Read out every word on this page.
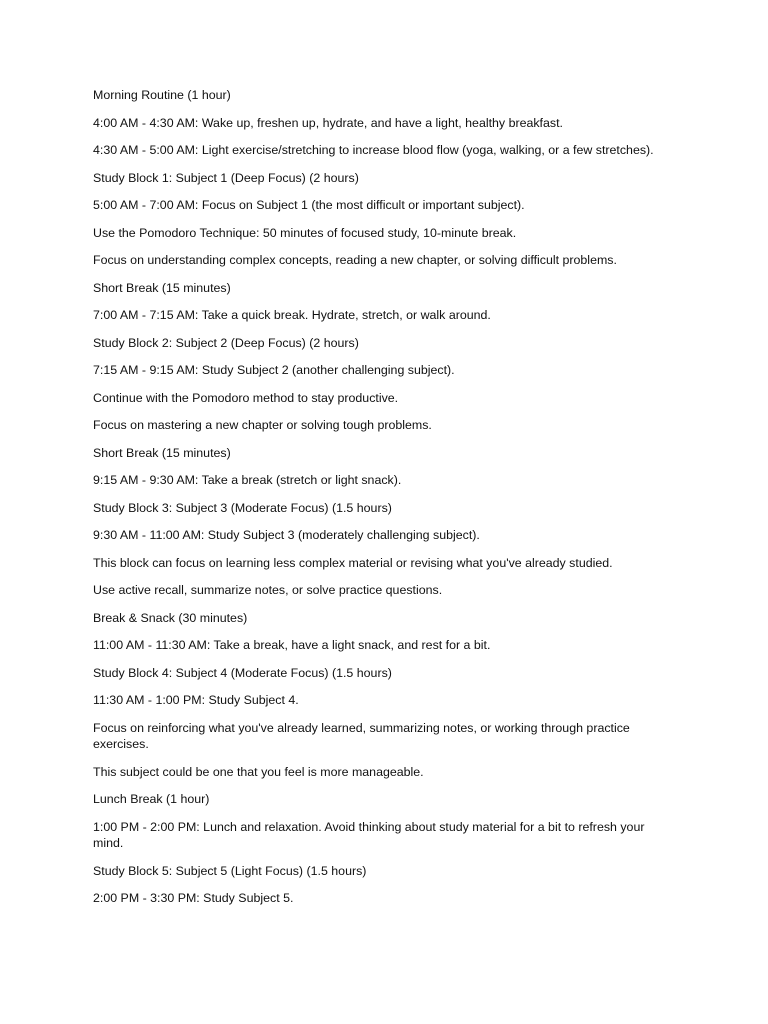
Morning Routine (1 hour)

4:00 AM - 4:30 AM: Wake up, freshen up, hydrate, and have a light, healthy breakfast.

4:30 AM - 5:00 AM: Light exercise/stretching to increase blood flow (yoga, walking, or a few stretches).

Study Block 1: Subject 1 (Deep Focus) (2 hours)

5:00 AM - 7:00 AM: Focus on Subject 1 (the most difficult or important subject).

Use the Pomodoro Technique: 50 minutes of focused study, 10-minute break.

Focus on understanding complex concepts, reading a new chapter, or solving difficult problems.

Short Break (15 minutes)

7:00 AM - 7:15 AM: Take a quick break. Hydrate, stretch, or walk around.

Study Block 2: Subject 2 (Deep Focus) (2 hours)

7:15 AM - 9:15 AM: Study Subject 2 (another challenging subject).

Continue with the Pomodoro method to stay productive.

Focus on mastering a new chapter or solving tough problems.

Short Break (15 minutes)

9:15 AM - 9:30 AM: Take a break (stretch or light snack).

Study Block 3: Subject 3 (Moderate Focus) (1.5 hours)

9:30 AM - 11:00 AM: Study Subject 3 (moderately challenging subject).

This block can focus on learning less complex material or revising what you've already studied.

Use active recall, summarize notes, or solve practice questions.

Break & Snack (30 minutes)

11:00 AM - 11:30 AM: Take a break, have a light snack, and rest for a bit.

Study Block 4: Subject 4 (Moderate Focus) (1.5 hours)

11:30 AM - 1:00 PM: Study Subject 4.

Focus on reinforcing what you've already learned, summarizing notes, or working through practice exercises.

This subject could be one that you feel is more manageable.

Lunch Break (1 hour)

1:00 PM - 2:00 PM: Lunch and relaxation. Avoid thinking about study material for a bit to refresh your mind.

Study Block 5: Subject 5 (Light Focus) (1.5 hours)

2:00 PM - 3:30 PM: Study Subject 5.
